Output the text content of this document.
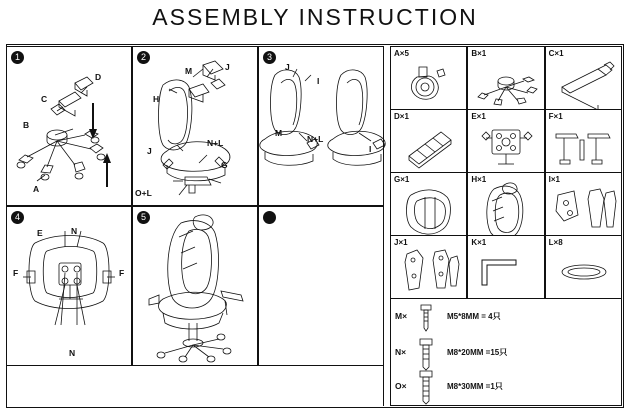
ASSEMBLY INSTRUCTION
1
D
C
B
A
2
M	J
H
N+L
J
G
O+L
3
J
I
M
N+L
I
4
E	N
F	F
N
5
A×5	B×1	C×1
D×1	E×1	F×1
G×1	H×1	I×1
J×1	K×1	L×8
M×	M5*8MM = 4只
N×	M8*20MM =15只
O×	M8*30MM =1只
